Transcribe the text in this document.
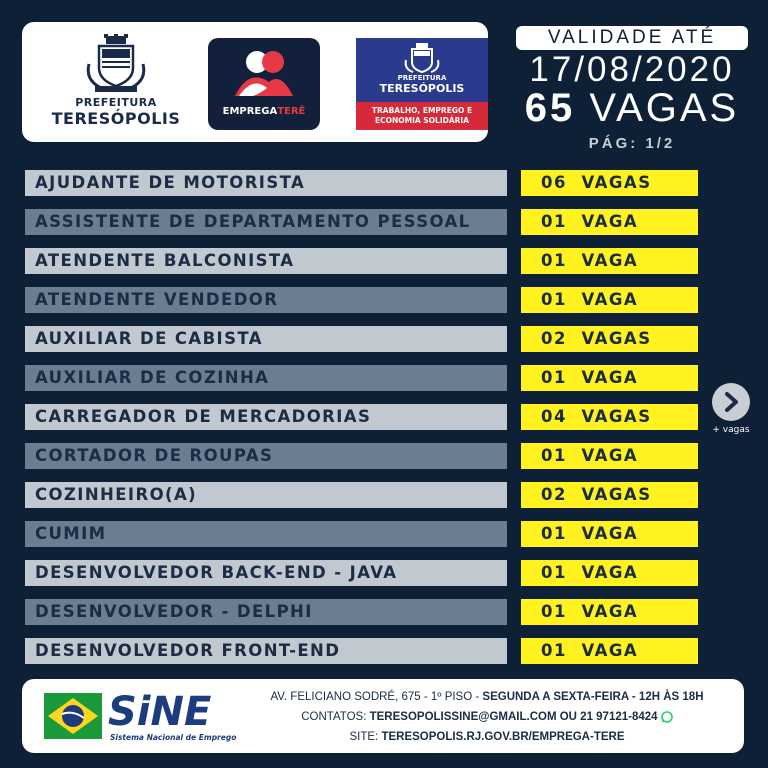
PREFEITURA
TERESÓPOLIS	EMPREGATERÊ
PREFEITURA
TERESÓPOLIS
TRABALHO, EMPREGO E ECONOMIA SOLIDÁRIA
VALIDADE ATÉ
17/08/2020
65 VAGAS
PÁG: 1/2
AJUDANTE DE MOTORISTA	06 VAGAS
ASSISTENTE DE DEPARTAMENTO PESSOAL	01 VAGA
ATENDENTE BALCONISTA	01 VAGA
ATENDENTE VENDEDOR	01 VAGA
AUXILIAR DE CABISTA	02 VAGAS
AUXILIAR DE COZINHA	01 VAGA
CARREGADOR DE MERCADORIAS	04 VAGAS
CORTADOR DE ROUPAS	01 VAGA
COZINHEIRO(A)	02 VAGAS
CUMIM	01 VAGA
DESENVOLVEDOR BACK-END - JAVA	01 VAGA
DESENVOLVEDOR - DELPHI	01 VAGA
DESENVOLVEDOR FRONT-END	01 VAGA
+ vagas
SiNE
Sistema Nacional de Emprego
AV. FELICIANO SODRÉ, 675 - 1º PISO - SEGUNDA A SEXTA-FEIRA - 12H ÀS 18H
CONTATOS: TERESOPOLISSINE@GMAIL.COM OU 21 97121-8424
SITE: TERESOPOLIS.RJ.GOV.BR/EMPREGA-TERE
